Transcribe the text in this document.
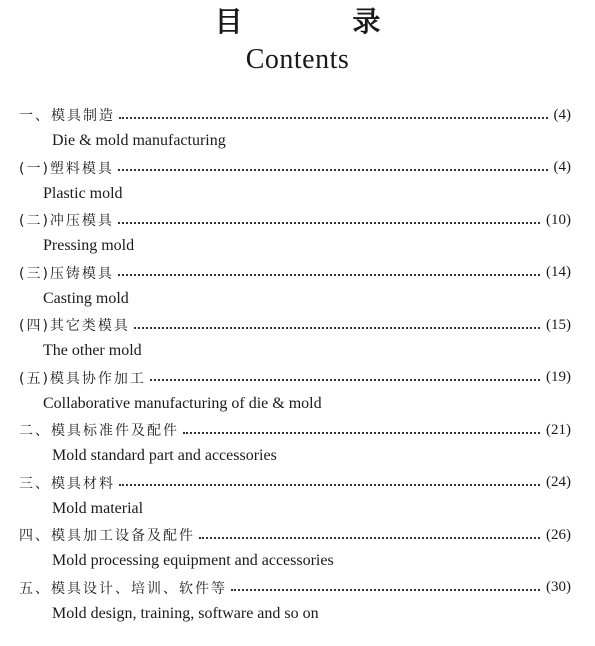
目 录
Contents
一、模具制造	(4)
Die & mold manufacturing
(一)塑料模具	(4)
Plastic mold
(二)冲压模具	(10)
Pressing mold
(三)压铸模具	(14)
Casting mold
(四)其它类模具	(15)
The other mold
(五)模具协作加工	(19)
Collaborative manufacturing of die & mold
二、模具标准件及配件	(21)
Mold standard part and accessories
三、模具材料	(24)
Mold material
四、模具加工设备及配件	(26)
Mold processing equipment and accessories
五、模具设计、培训、软件等	(30)
Mold design, training, software and so on
